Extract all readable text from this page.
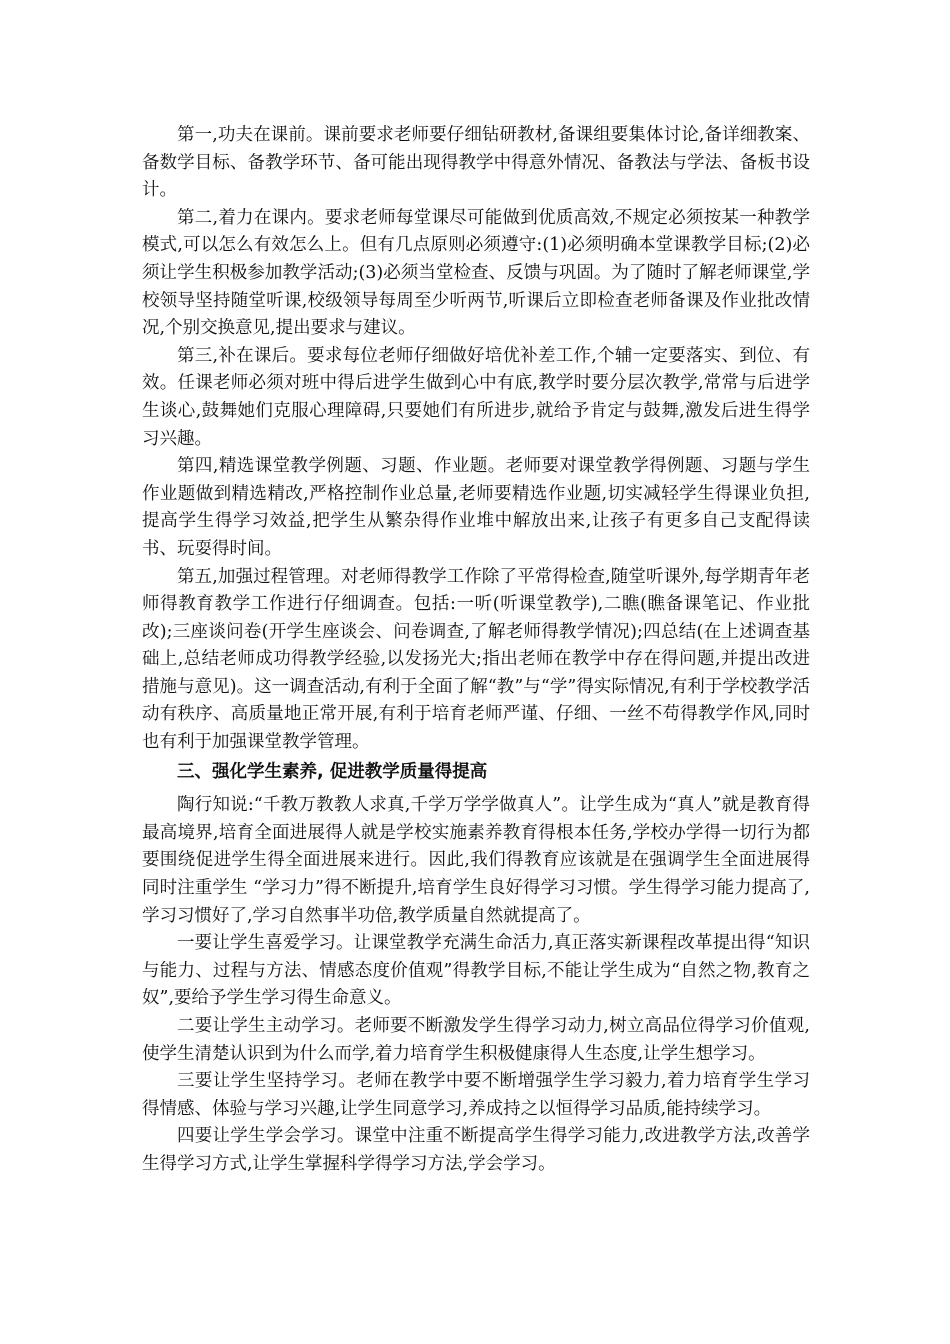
第一,功夫在课前。课前要求老师要仔细钻研教材,备课组要集体讨论,备详细教案、备数学目标、备教学环节、备可能出现得教学中得意外情况、备教法与学法、备板书设计。

第二,着力在课内。要求老师每堂课尽可能做到优质高效,不规定必须按某一种教学模式,可以怎么有效怎么上。但有几点原则必须遵守:(1)必须明确本堂课教学目标;(2)必须让学生积极参加教学活动;(3)必须当堂检查、反馈与巩固。为了随时了解老师课堂,学校领导坚持随堂听课,校级领导每周至少听两节,听课后立即检查老师备课及作业批改情况,个别交换意见,提出要求与建议。

第三,补在课后。要求每位老师仔细做好培优补差工作,个辅一定要落实、到位、有效。任课老师必须对班中得后进学生做到心中有底,教学时要分层次教学,常常与后进学生谈心,鼓舞她们克服心理障碍,只要她们有所进步,就给予肯定与鼓舞,激发后进生得学习兴趣。

第四,精选课堂教学例题、习题、作业题。老师要对课堂教学得例题、习题与学生作业题做到精选精改,严格控制作业总量,老师要精选作业题,切实减轻学生得课业负担,提高学生得学习效益,把学生从繁杂得作业堆中解放出来,让孩子有更多自己支配得读书、玩耍得时间。

第五,加强过程管理。对老师得教学工作除了平常得检查,随堂听课外,每学期青年老师得教育教学工作进行仔细调查。包括:一听(听课堂教学),二瞧(瞧备课笔记、作业批改);三座谈问卷(开学生座谈会、问卷调查,了解老师得教学情况);四总结(在上述调查基础上,总结老师成功得教学经验,以发扬光大;指出老师在教学中存在得问题,并提出改进措施与意见)。这一调查活动,有利于全面了解“教”与“学”得实际情况,有利于学校教学活动有秩序、高质量地正常开展,有利于培育老师严谨、仔细、一丝不苟得教学作风,同时也有利于加强课堂教学管理。

三、强化学生素养, 促进教学质量得提高

陶行知说:“千教万教教人求真,千学万学学做真人”。让学生成为“真人”就是教育得最高境界,培育全面进展得人就是学校实施素养教育得根本任务,学校办学得一切行为都要围绕促进学生得全面进展来进行。因此,我们得教育应该就是在强调学生全面进展得同时注重学生 “学习力”得不断提升,培育学生良好得学习习惯。学生得学习能力提高了,学习习惯好了,学习自然事半功倍,教学质量自然就提高了。

一要让学生喜爱学习。让课堂教学充满生命活力,真正落实新课程改革提出得“知识与能力、过程与方法、情感态度价值观”得教学目标,不能让学生成为“自然之物,教育之奴”,要给予学生学习得生命意义。

二要让学生主动学习。老师要不断激发学生得学习动力,树立高品位得学习价值观,使学生清楚认识到为什么而学,着力培育学生积极健康得人生态度,让学生想学习。

三要让学生坚持学习。老师在教学中要不断增强学生学习毅力,着力培育学生学习得情感、体验与学习兴趣,让学生同意学习,养成持之以恒得学习品质,能持续学习。

四要让学生学会学习。课堂中注重不断提高学生得学习能力,改进教学方法,改善学生得学习方式,让学生掌握科学得学习方法,学会学习。
